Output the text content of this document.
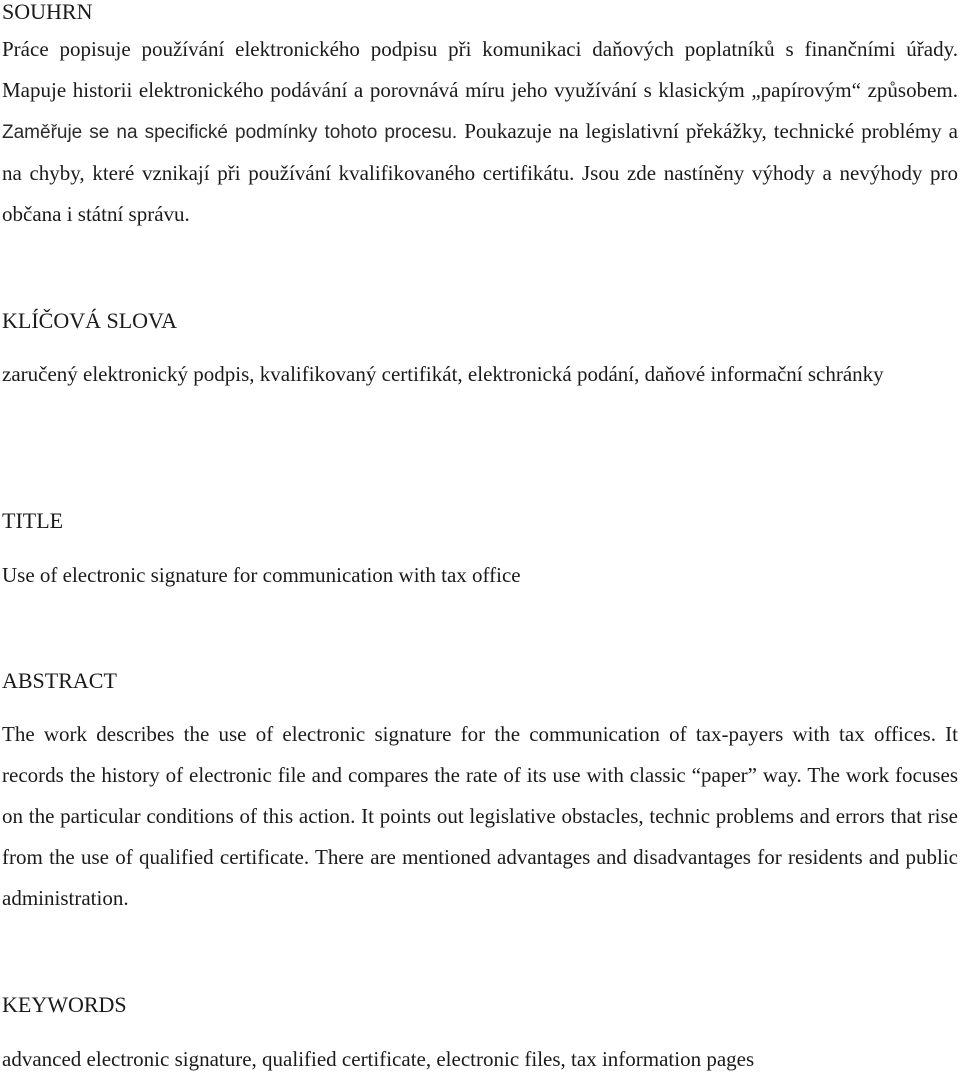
SOUHRN

Práce popisuje používání elektronického podpisu při komunikaci daňových poplatníků s finančními úřady. Mapuje historii elektronického podávání a porovnává míru jeho využívání s klasickým „papírovým“ způsobem. Zaměřuje se na specifické podmínky tohoto procesu. Poukazuje na legislativní překážky, technické problémy a na chyby, které vznikají při používání kvalifikovaného certifikátu. Jsou zde nastíněny výhody a nevýhody pro občana i státní správu.

KLÍČOVÁ SLOVA

zaručený elektronický podpis, kvalifikovaný certifikát, elektronická podání, daňové informační schránky

TITLE

Use of electronic signature for communication with tax office

ABSTRACT

The work describes the use of electronic signature for the communication of tax-payers with tax offices. It records the history of electronic file and compares the rate of its use with classic “paper” way. The work focuses on the particular conditions of this action. It points out legislative obstacles, technic problems and errors that rise from the use of qualified certificate. There are mentioned advantages and disadvantages for residents and public administration.

KEYWORDS

advanced electronic signature, qualified certificate, electronic files, tax information pages
